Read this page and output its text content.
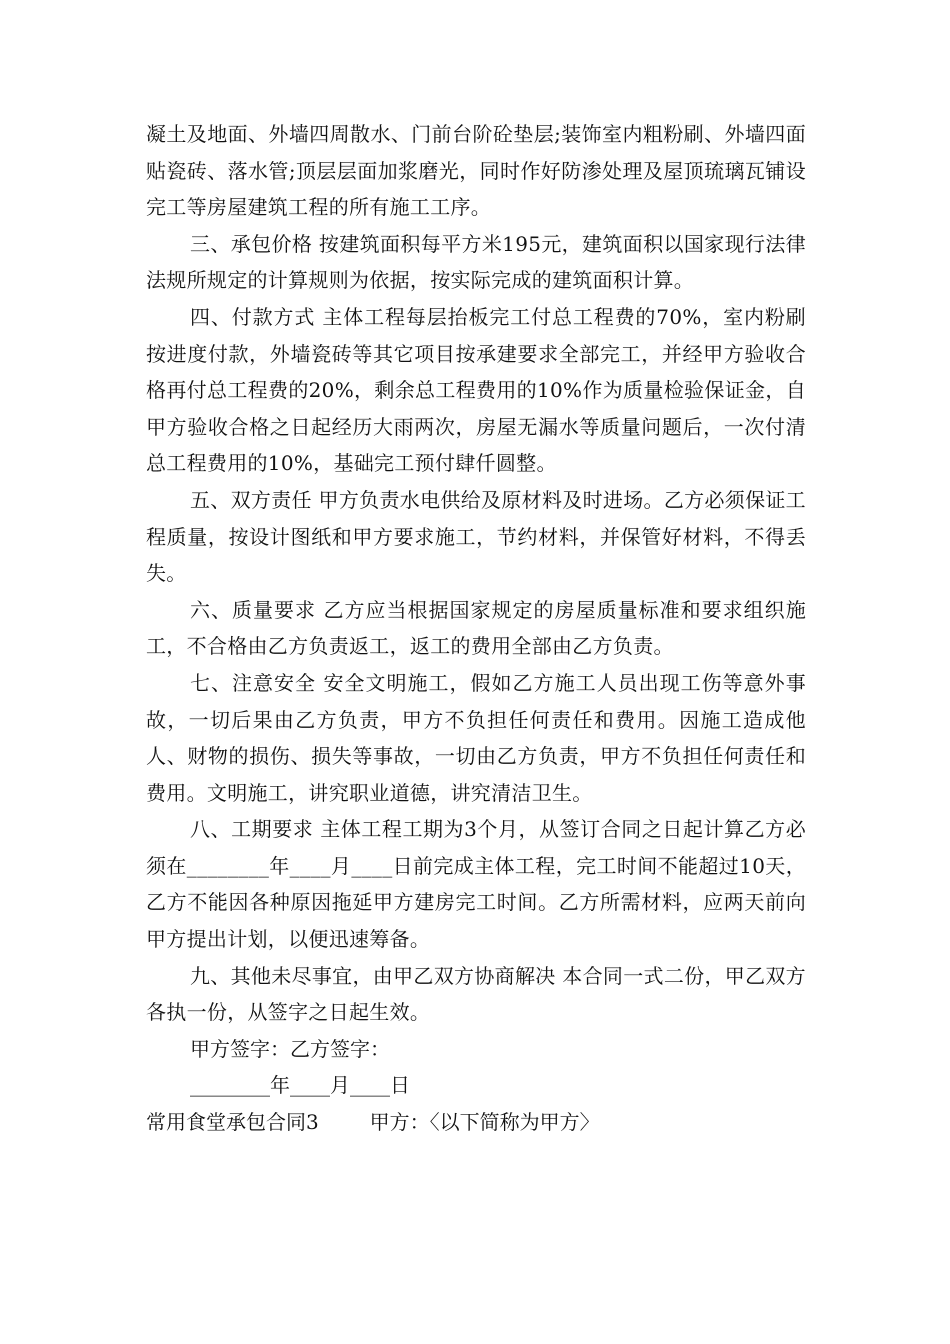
凝土及地面、外墙四周散水、门前台阶砼垫层;装饰室内粗粉刷、外墙四面贴瓷砖、落水管;顶层层面加浆磨光，同时作好防渗处理及屋顶琉璃瓦铺设完工等房屋建筑工程的所有施工工序。

三、承包价格 按建筑面积每平方米195元，建筑面积以国家现行法律法规所规定的计算规则为依据，按实际完成的建筑面积计算。

四、付款方式 主体工程每层抬板完工付总工程费的70%，室内粉刷按进度付款，外墙瓷砖等其它项目按承建要求全部完工，并经甲方验收合格再付总工程费的20%，剩余总工程费用的10%作为质量检验保证金，自甲方验收合格之日起经历大雨两次，房屋无漏水等质量问题后，一次付清总工程费用的10%，基础完工预付肆仟圆整。

五、双方责任 甲方负责水电供给及原材料及时进场。乙方必须保证工程质量，按设计图纸和甲方要求施工，节约材料，并保管好材料，不得丢失。

六、质量要求 乙方应当根据国家规定的房屋质量标准和要求组织施工，不合格由乙方负责返工，返工的费用全部由乙方负责。

七、注意安全 安全文明施工，假如乙方施工人员出现工伤等意外事故，一切后果由乙方负责，甲方不负担任何责任和费用。因施工造成他人、财物的损伤、损失等事故，一切由乙方负责，甲方不负担任何责任和费用。文明施工，讲究职业道德，讲究清洁卫生。

八、工期要求 主体工程工期为3个月，从签订合同之日起计算乙方必须在________年____月____日前完成主体工程，完工时间不能超过10天，乙方不能因各种原因拖延甲方建房完工时间。乙方所需材料，应两天前向甲方提出计划，以便迅速筹备。

九、其他未尽事宜，由甲乙双方协商解决 本合同一式二份，甲乙双方各执一份，从签字之日起生效。

甲方签字：乙方签字：

________年____月____日

常用食堂承包合同3	甲方：〈以下简称为甲方〉
